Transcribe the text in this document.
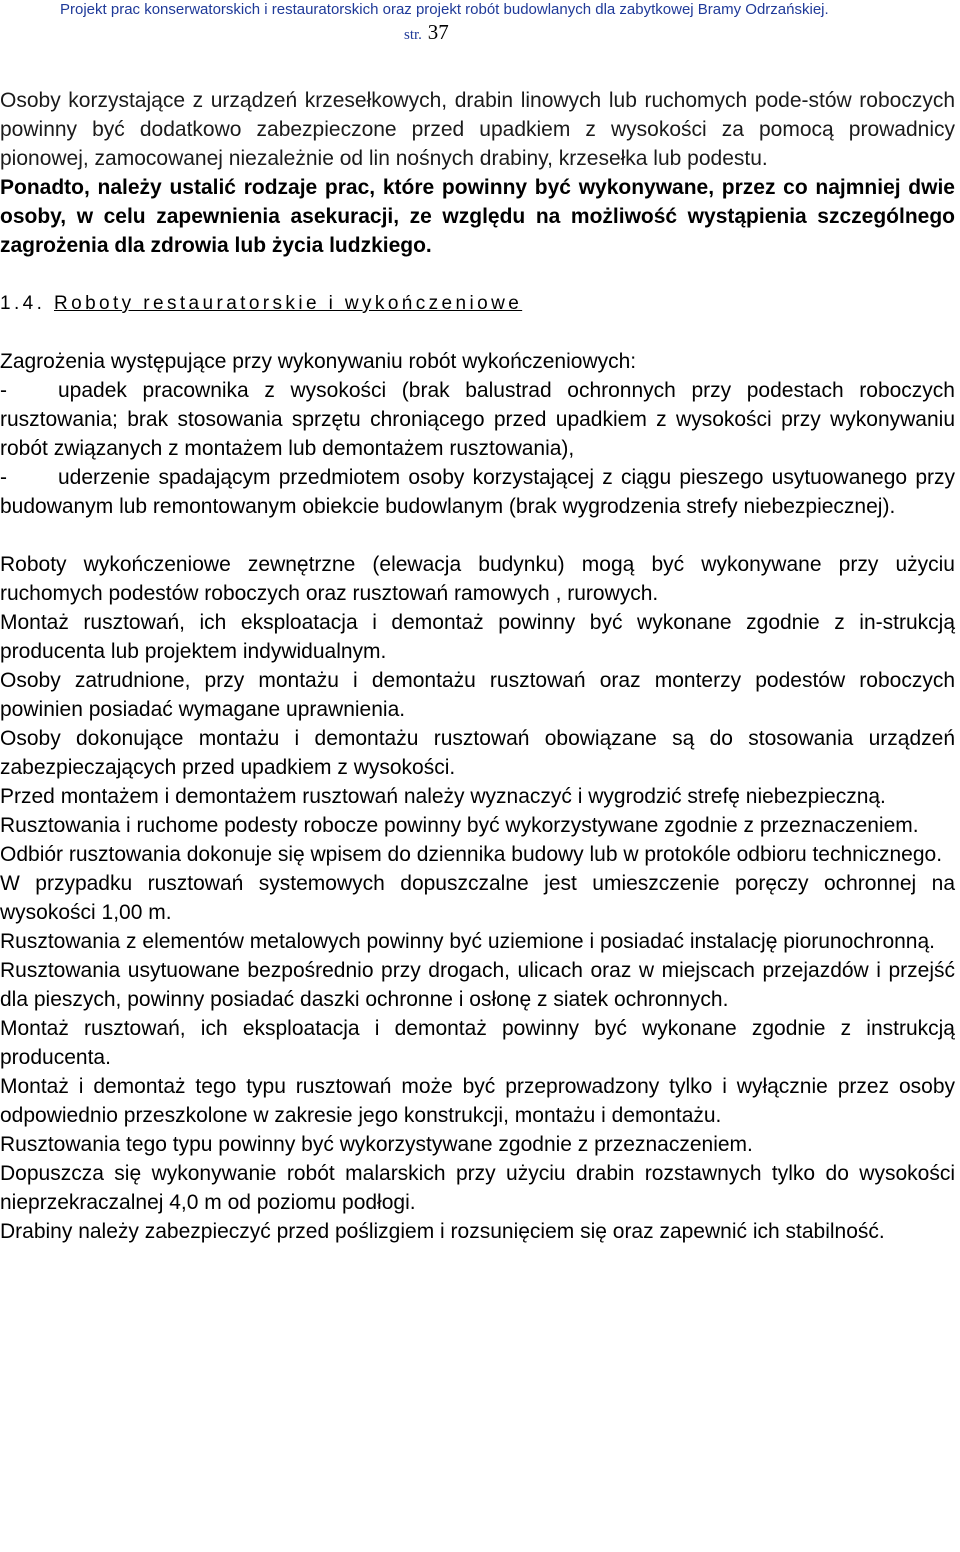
Projekt prac konserwatorskich i restauratorskich oraz projekt robót budowlanych dla zabytkowej Bramy Odrzańskiej.
str. 37

Osoby korzystające z urządzeń krzesełkowych, drabin linowych lub ruchomych pode-stów roboczych powinny być dodatkowo zabezpieczone przed upadkiem z wysokości za pomocą prowadnicy pionowej, zamocowanej niezależnie od lin nośnych drabiny, krzesełka lub podestu.

Ponadto, należy ustalić rodzaje prac, które powinny być wykonywane, przez co najmniej dwie osoby, w celu zapewnienia asekuracji, ze względu na możliwość wystąpienia szczególnego zagrożenia dla zdrowia lub życia ludzkiego.

1.4. Roboty restauratorskie i wykończeniowe

Zagrożenia występujące przy wykonywaniu robót wykończeniowych:

- upadek pracownika z wysokości (brak balustrad ochronnych przy podestach roboczych rusztowania; brak stosowania sprzętu chroniącego przed upadkiem z wysokości przy wykonywaniu robót związanych z montażem lub demontażem rusztowania),

- uderzenie spadającym przedmiotem osoby korzystającej z ciągu pieszego usytuowanego przy budowanym lub remontowanym obiekcie budowlanym (brak wygrodzenia strefy niebezpiecznej).

Roboty wykończeniowe zewnętrzne (elewacja budynku) mogą być wykonywane przy użyciu ruchomych podestów roboczych oraz rusztowań ramowych , rurowych.

Montaż rusztowań, ich eksploatacja i demontaż powinny być wykonane zgodnie z in-strukcją producenta lub projektem indywidualnym.

Osoby zatrudnione, przy montażu i demontażu rusztowań oraz monterzy podestów roboczych powinien posiadać wymagane uprawnienia.

Osoby dokonujące montażu i demontażu rusztowań obowiązane są do stosowania urządzeń zabezpieczających przed upadkiem z wysokości.

Przed montażem i demontażem rusztowań należy wyznaczyć i wygrodzić strefę niebezpieczną.

Rusztowania i ruchome podesty robocze powinny być wykorzystywane zgodnie z przeznaczeniem.

Odbiór rusztowania dokonuje się wpisem do dziennika budowy lub w protokóle odbioru technicznego.

W przypadku rusztowań systemowych dopuszczalne jest umieszczenie poręczy ochronnej na wysokości 1,00 m.

Rusztowania z elementów metalowych powinny być uziemione i posiadać instalację piorunochronną.

Rusztowania usytuowane bezpośrednio przy drogach, ulicach oraz w miejscach przejazdów i przejść dla pieszych, powinny posiadać daszki ochronne i osłonę z siatek ochronnych.

Montaż rusztowań, ich eksploatacja i demontaż powinny być wykonane zgodnie z instrukcją producenta.

Montaż i demontaż tego typu rusztowań może być przeprowadzony tylko i wyłącznie przez osoby odpowiednio przeszkolone w zakresie jego konstrukcji, montażu i demontażu.

Rusztowania tego typu powinny być wykorzystywane zgodnie z przeznaczeniem.

Dopuszcza się wykonywanie robót malarskich przy użyciu drabin rozstawnych tylko do wysokości nieprzekraczalnej 4,0 m od poziomu podłogi.

Drabiny należy zabezpieczyć przed poślizgiem i rozsunięciem się oraz zapewnić ich stabilność.
